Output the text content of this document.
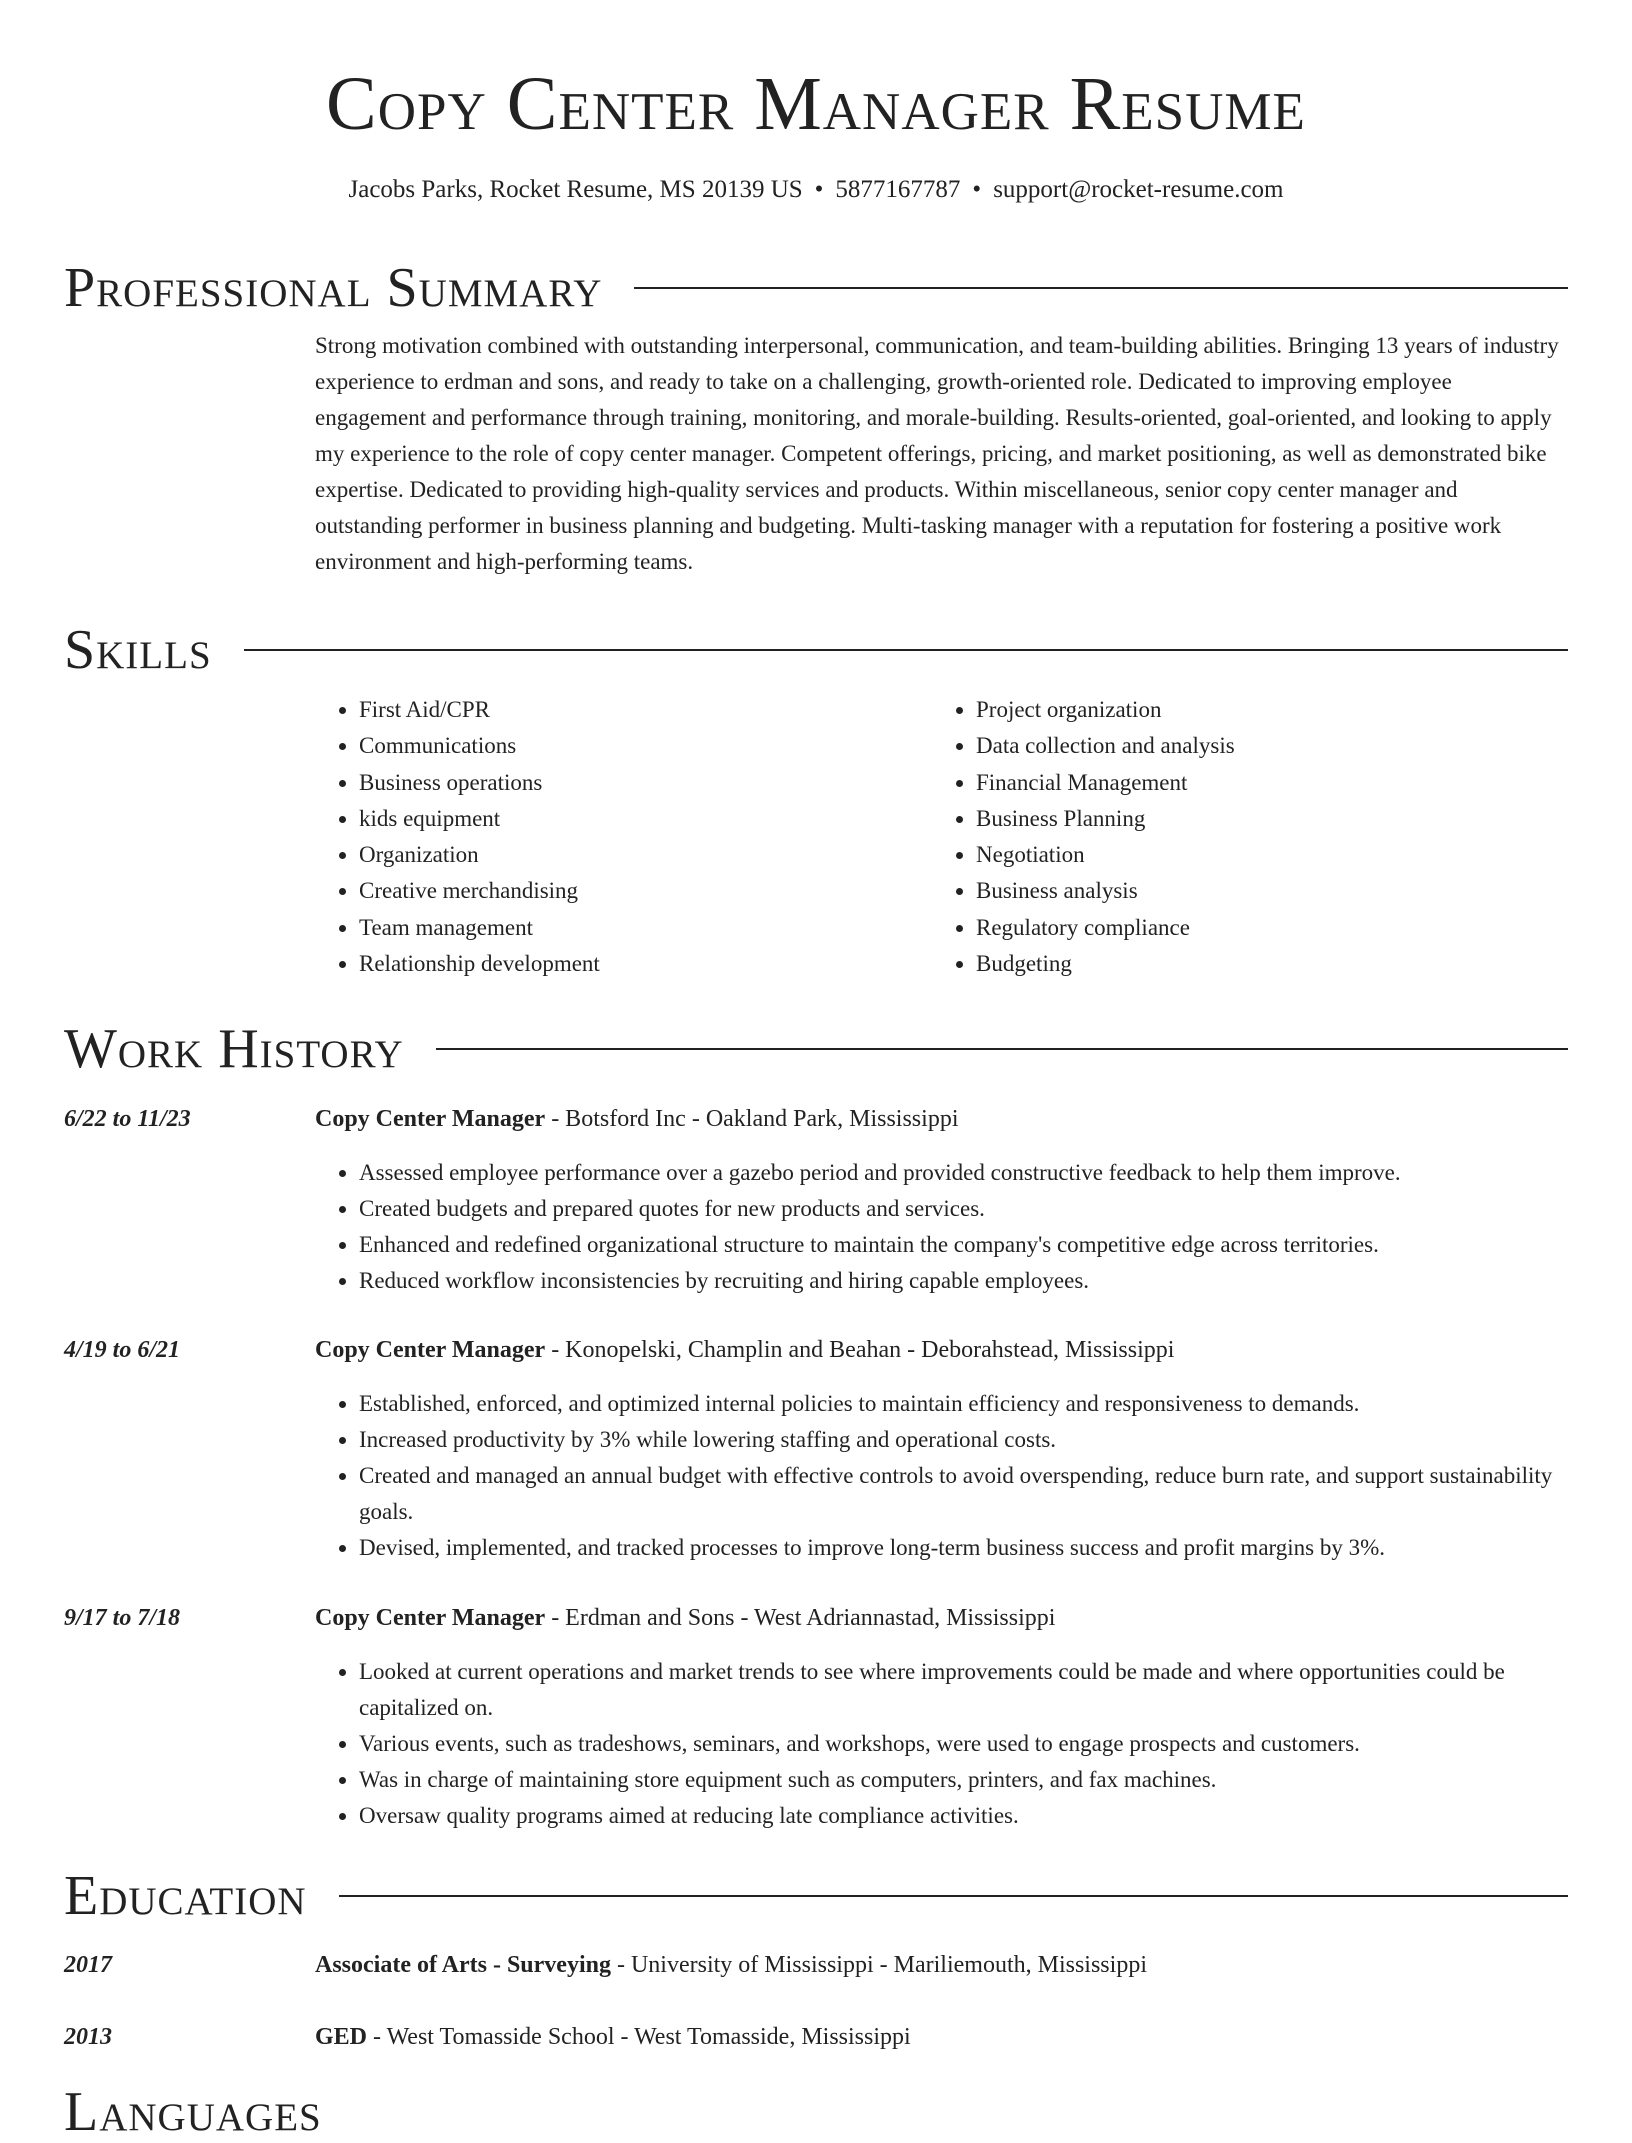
Copy Center Manager Resume
Jacobs Parks, Rocket Resume, MS 20139 US • 5877167787 • support@rocket-resume.com
Professional Summary
Strong motivation combined with outstanding interpersonal, communication, and team-building abilities. Bringing 13 years of industry experience to erdman and sons, and ready to take on a challenging, growth-oriented role. Dedicated to improving employee engagement and performance through training, monitoring, and morale-building. Results-oriented, goal-oriented, and looking to apply my experience to the role of copy center manager. Competent offerings, pricing, and market positioning, as well as demonstrated bike expertise. Dedicated to providing high-quality services and products. Within miscellaneous, senior copy center manager and outstanding performer in business planning and budgeting. Multi-tasking manager with a reputation for fostering a positive work environment and high-performing teams.
Skills
• First Aid/CPR
• Communications
• Business operations
• kids equipment
• Organization
• Creative merchandising
• Team management
• Relationship development
• Project organization
• Data collection and analysis
• Financial Management
• Business Planning
• Negotiation
• Business analysis
• Regulatory compliance
• Budgeting
Work History
6/22 to 11/23	Copy Center Manager - Botsford Inc - Oakland Park, Mississippi
• Assessed employee performance over a gazebo period and provided constructive feedback to help them improve.
• Created budgets and prepared quotes for new products and services.
• Enhanced and redefined organizational structure to maintain the company's competitive edge across territories.
• Reduced workflow inconsistencies by recruiting and hiring capable employees.
4/19 to 6/21	Copy Center Manager - Konopelski, Champlin and Beahan - Deborahstead, Mississippi
• Established, enforced, and optimized internal policies to maintain efficiency and responsiveness to demands.
• Increased productivity by 3% while lowering staffing and operational costs.
• Created and managed an annual budget with effective controls to avoid overspending, reduce burn rate, and support sustainability goals.
• Devised, implemented, and tracked processes to improve long-term business success and profit margins by 3%.
9/17 to 7/18	Copy Center Manager - Erdman and Sons - West Adriannastad, Mississippi
• Looked at current operations and market trends to see where improvements could be made and where opportunities could be capitalized on.
• Various events, such as tradeshows, seminars, and workshops, were used to engage prospects and customers.
• Was in charge of maintaining store equipment such as computers, printers, and fax machines.
• Oversaw quality programs aimed at reducing late compliance activities.
Education
2017	Associate of Arts - Surveying - University of Mississippi - Mariliemouth, Mississippi
2013	GED - West Tomasside School - West Tomasside, Mississippi
Languages
